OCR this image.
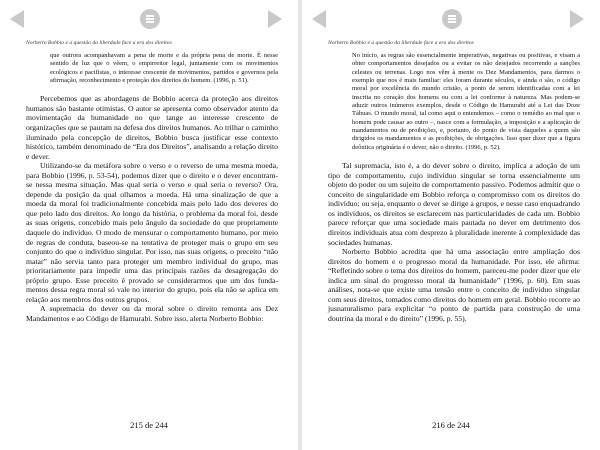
Norberto Bobbio e a questão da liberdade face a era dos direitos
que outrora acompanhavam a pena de morte e da própria pena de morte. É nesse sentido de luz que o vêem, o empirreitor legal, juntamente com os movimentos ecológicos e pacifistas, o interesse crescente de movimentos, partidos e governos pela afirmação, reconhecimento e proteção dos direitos do homem. (1996, p. 51).

Percebemos que as abordagens de Bobbio acerca da proteção aos direitos humanos são bastante otimistas. O autor se apresenta como observador atento da movimentação da humanidade no que tange ao interesse crescente de organizações que se pautam na defesa dos direitos humanos. Ao trilhar o caminho iluminado pela concepção de direitos, Bobbio busca justificar esse contexto histórico, também denominado de “Era dos Direitos”, analisando a relação direito e dever.

Utilizando-se da metáfora sobre o verso e o reverso de uma mesma moeda, para Bobbio (1996, p. 53-54), podemos dizer que o direito e o dever encontram-se nessa mesma situação. Mas qual seria o verso e qual seria o reverso? Ora, depende da posição da qual olhamos a moeda. Há uma sinalização de que a moeda da moral foi tradicionalmente concebida mais pelo lado dos deveres do que pelo lado dos direitos. Ao longo da história, o problema da moral foi, desde as suas origens, concebido mais pelo ângulo da sociedade do que propriamente daquele do indivíduo. O modo de mensurar o comportamento humano, por meio de regras de conduta, baseou-se na tentativa de proteger mais o grupo em seu conjunto do que o indivíduo singular. Por isso, nas suas origens, o preceito “não matar” não servia tanto para proteger um membro individual do grupo, mas prioritariamente para impedir uma das principais razões da desagregação do próprio grupo. Esse preceito é provado se considerarmos que um dos fundamentos dessa regra moral só vale no interior do grupo, pois ela não se aplica em relação aos membros dos outros grupos.

A supremacia do dever ou da moral sobre o direito remonta aos Dez Mandamentos e ao Código de Hamurabi. Sobre isso, alerta Norberto Bobbio:

215 de 244
Norberto Bobbio e a questão da liberdade face a era dos direitos
No início, as regras são essencialmente imperativas, negativas ou positivas, e visam a obter comportamentos desejados ou a evitar os não desejados recorrendo a sanções celestes ou terrenas. Logo nos vêm à mente os Dez Mandamentos, para darmos o exemplo que nos é mais familiar: eles foram durante séculos, e ainda o são, o código moral por excelência do mundo cristão, a ponto de serem identificadas com a lei inscrita no coração dos homens ou com a lei conforme à natureza. Mas podem-se aduzir outros inúmeros exemplos, desde o Código de Hamurabi até a Lei das Doze Tábuas. O mundo moral, tal como aqui o entendemos – como o remédio ao mal que o homem pode causar ao outro –, nasce com a formulação, a imposição e a aplicação de mandamentos ou de proibições, e, portanto, do ponto de vista daqueles a quem são dirigidos os mandamentos e as proibições, de obrigações. Isso quer dizer que a figura deôntica originária é o dever, não o direito. (1996, p. 52).

Tal supremacia, isto é, a do dever sobre o direito, implica a adoção de um tipo de comportamento, cujo indivíduo singular se torna essencialmente um objeto do poder ou um sujeito de comportamento passivo. Podemos admitir que o conceito de singularidade em Bobbio reforça o compromisso com os direitos do indivíduo; ou seja, enquanto o dever se dirige a grupos, e nesse caso enquadrando os indivíduos, os direitos se esclarecem nas particularidades de cada um. Bobbio parece reforçar que uma sociedade mais pautada no dever em detrimento dos direitos individuais atua com desprezo à pluralidade inerente à complexidade das sociedades humanas.

Norberto Bobbio acredita que há uma associação entre ampliação dos direitos do homem e o progresso moral da humanidade. Por isso, ele afirma: “Refletindo sobre o tema dos direitos do homem, pareceu-me poder dizer que ele indica um sinal do progresso moral da humanidade” (1996, p. 60). Em suas análises, nota-se que existe uma tensão entre o conceito de indivíduo singular com seus direitos, tomados como direitos do homem em geral. Bobbio recorre ao jusnaturalismo para explicitar “o ponto de partida para construção de uma doutrina da moral e do direito” (1996, p. 55).

216 de 244
